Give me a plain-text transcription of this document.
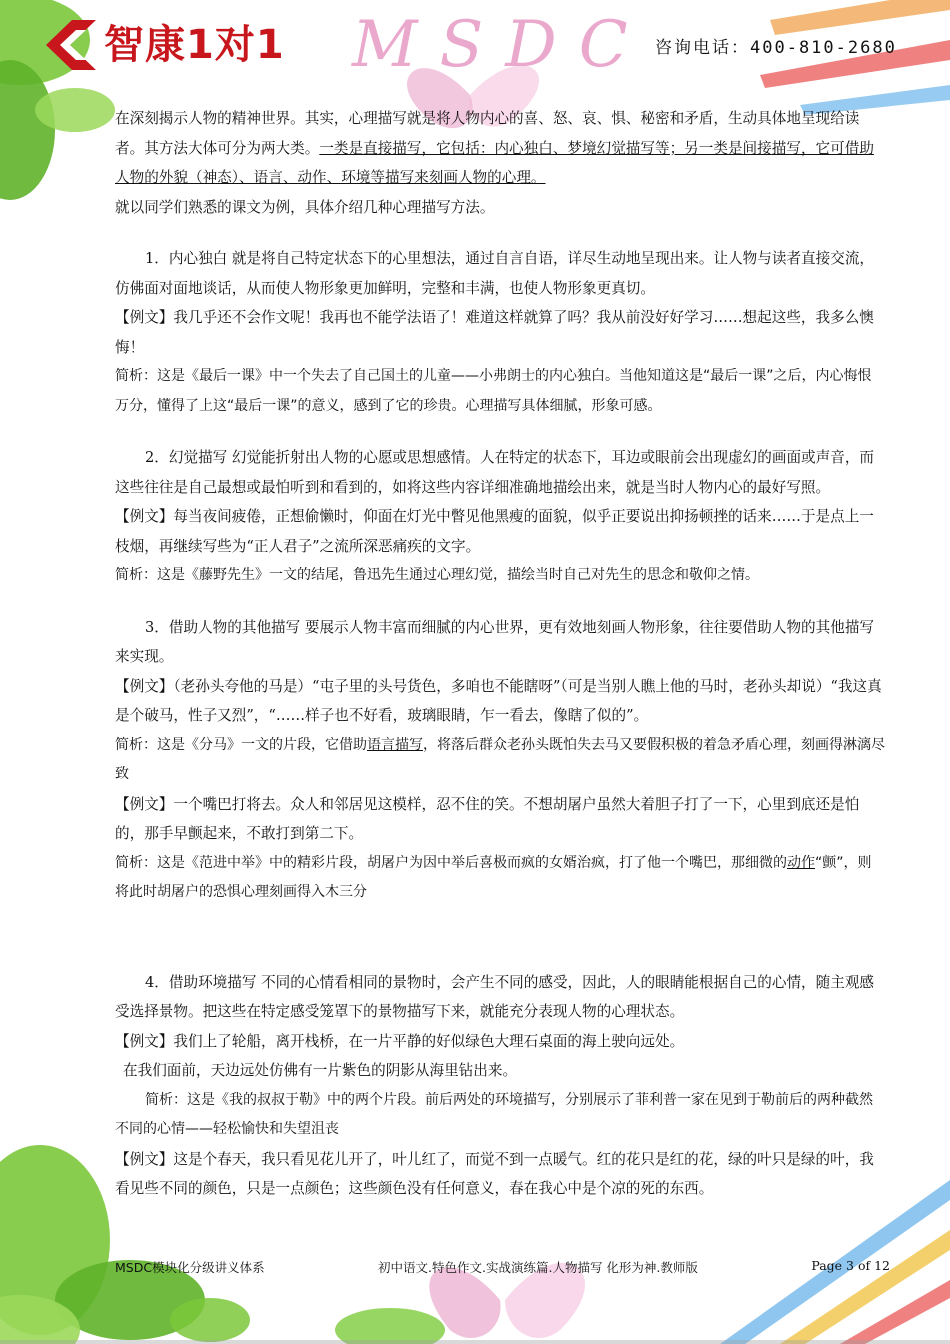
智康1对1 MSDC 咨询电话：400-810-2680

在深刻揭示人物的精神世界。其实，心理描写就是将人物内心的喜、怒、哀、惧、秘密和矛盾，生动具体地呈现给读者。其方法大体可分为两大类。一类是直接描写，它包括：内心独白、梦境幻觉描写等；另一类是间接描写，它可借助人物的外貌（神态）、语言、动作、环境等描写来刻画人物的心理。

就以同学们熟悉的课文为例，具体介绍几种心理描写方法。

1．内心独白 就是将自己特定状态下的心里想法，通过自言自语，详尽生动地呈现出来。让人物与读者直接交流，仿佛面对面地谈话，从而使人物形象更加鲜明，完整和丰满，也使人物形象更真切。

【例文】我几乎还不会作文呢！我再也不能学法语了！难道这样就算了吗？我从前没好好学习……想起这些，我多么懊悔！

简析：这是《最后一课》中一个失去了自己国土的儿童——小弗朗士的内心独白。当他知道这是“最后一课”之后，内心悔恨万分，懂得了上这“最后一课”的意义，感到了它的珍贵。心理描写具体细腻，形象可感。

2．幻觉描写 幻觉能折射出人物的心愿或思想感情。人在特定的状态下，耳边或眼前会出现虚幻的画面或声音，而这些往往是自己最想或最怕听到和看到的，如将这些内容详细准确地描绘出来，就是当时人物内心的最好写照。

【例文】每当夜间疲倦，正想偷懒时，仰面在灯光中瞥见他黑瘦的面貌，似乎正要说出抑扬顿挫的话来……于是点上一枝烟，再继续写些为“正人君子”之流所深恶痛疾的文字。

简析：这是《藤野先生》一文的结尾，鲁迅先生通过心理幻觉，描绘当时自己对先生的思念和敬仰之情。

3．借助人物的其他描写 要展示人物丰富而细腻的内心世界，更有效地刻画人物形象，往往要借助人物的其他描写来实现。

【例文】（老孙头夸他的马是）“屯子里的头号货色，多咱也不能瞎呀”（可是当别人瞧上他的马时，老孙头却说）“我这真是个破马，性子又烈”，“……样子也不好看，玻璃眼睛，乍一看去，像瞎了似的”。

简析：这是《分马》一文的片段，它借助语言描写，将落后群众老孙头既怕失去马又要假积极的着急矛盾心理，刻画得淋漓尽致

【例文】一个嘴巴打将去。众人和邻居见这模样，忍不住的笑。不想胡屠户虽然大着胆子打了一下，心里到底还是怕的，那手早颤起来，不敢打到第二下。

简析：这是《范进中举》中的精彩片段，胡屠户为因中举后喜极而疯的女婿治疯，打了他一个嘴巴，那细微的动作“颤”，则将此时胡屠户的恐惧心理刻画得入木三分

4．借助环境描写 不同的心情看相同的景物时，会产生不同的感受，因此，人的眼睛能根据自己的心情，随主观感受选择景物。把这些在特定感受笼罩下的景物描写下来，就能充分表现人物的心理状态。

【例文】我们上了轮船，离开栈桥，在一片平静的好似绿色大理石桌面的海上驶向远处。

在我们面前，天边远处仿佛有一片紫色的阴影从海里钻出来。

简析：这是《我的叔叔于勒》中的两个片段。前后两处的环境描写，分别展示了菲利普一家在见到于勒前后的两种截然不同的心情——轻松愉快和失望沮丧

【例文】这是个春天，我只看见花儿开了，叶儿红了，而觉不到一点暖气。红的花只是红的花，绿的叶只是绿的叶，我看见些不同的颜色，只是一点颜色；这些颜色没有任何意义，春在我心中是个凉的死的东西。

MSDC模块化分级讲义体系	初中语文.特色作文.实战演练篇.人物描写 化形为神.教师版	Page 3 of 12
